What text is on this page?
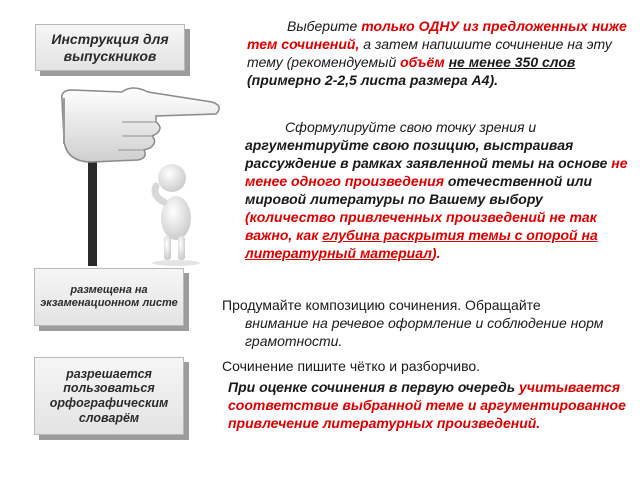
Инструкция для выпускников
размещена на экзаменационном листе
разрешается пользоваться орфографическим словарём
Выберите только ОДНУ из предложенных ниже тем сочинений, а затем напишите сочинение на эту тему (рекомендуемый объём не менее 350 слов (примерно 2-2,5 листа размера А4).
Сформулируйте свою точку зрения и аргументируйте свою позицию, выстраивая рассуждение в рамках заявленной темы на основе не менее одного произведения отечественной или мировой литературы по Вашему выбору (количество привлеченных произведений не так важно, как глубина раскрытия темы с опорой на литературный материал).
Продумайте композицию сочинения. Обращайте
внимание на речевое оформление и соблюдение норм грамотности.
Сочинение пишите чётко и разборчиво.
При оценке сочинения в первую очередь учитывается соответствие выбранной теме и аргументированное привлечение литературных произведений.
